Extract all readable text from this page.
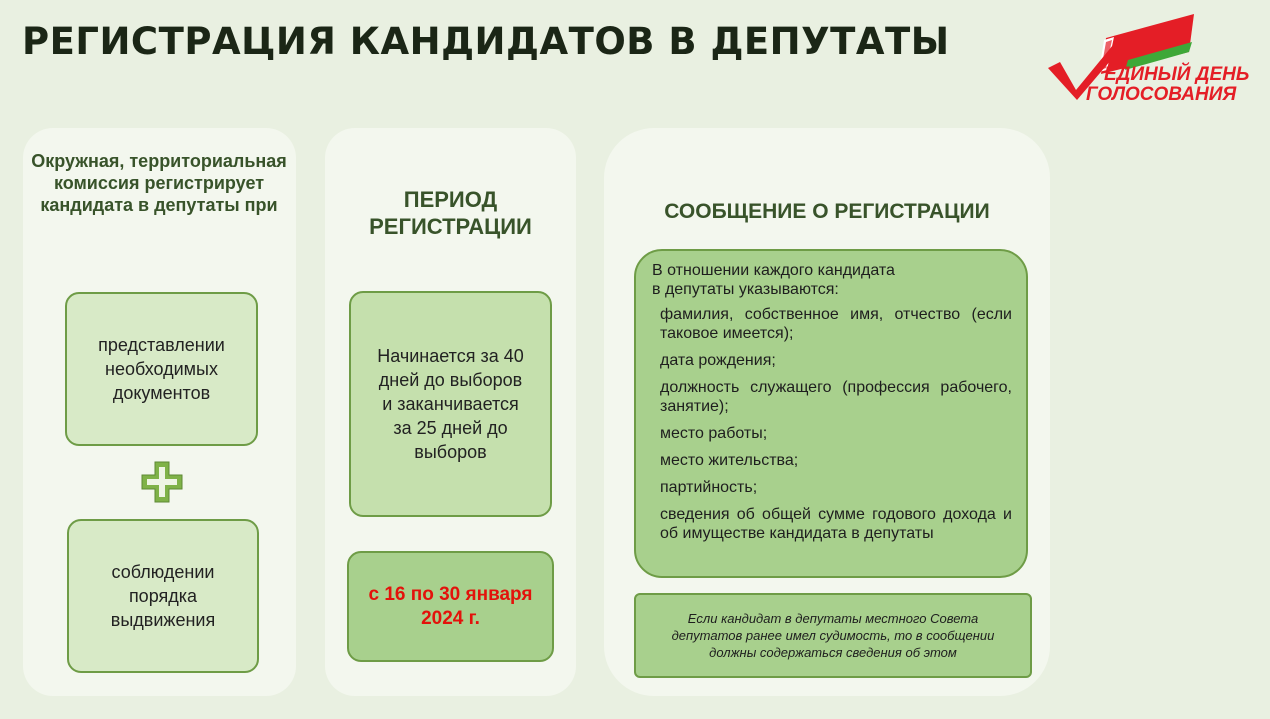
РЕГИСТРАЦИЯ КАНДИДАТОВ В ДЕПУТАТЫ
ЕДИНЫЙ ДЕНЬ
ГОЛОСОВАНИЯ
Окружная, территориальная комиссия регистрирует кандидата в депутаты при
представлении необходимых документов
соблюдении порядка выдвижения
ПЕРИОД РЕГИСТРАЦИИ
Начинается за 40 дней до выборов и заканчивается за 25 дней до выборов
с 16 по 30 января 2024 г.
СООБЩЕНИЕ О РЕГИСТРАЦИИ
В отношении каждого кандидата в депутаты указываются:
фамилия, собственное имя, отчество (если таковое имеется);
дата рождения;
должность служащего (профессия рабочего, занятие);
место работы;
место жительства;
партийность;
сведения об общей сумме годового дохода и об имуществе кандидата в депутаты
Если кандидат в депутаты местного Совета депутатов ранее имел судимость, то в сообщении должны содержаться сведения об этом
